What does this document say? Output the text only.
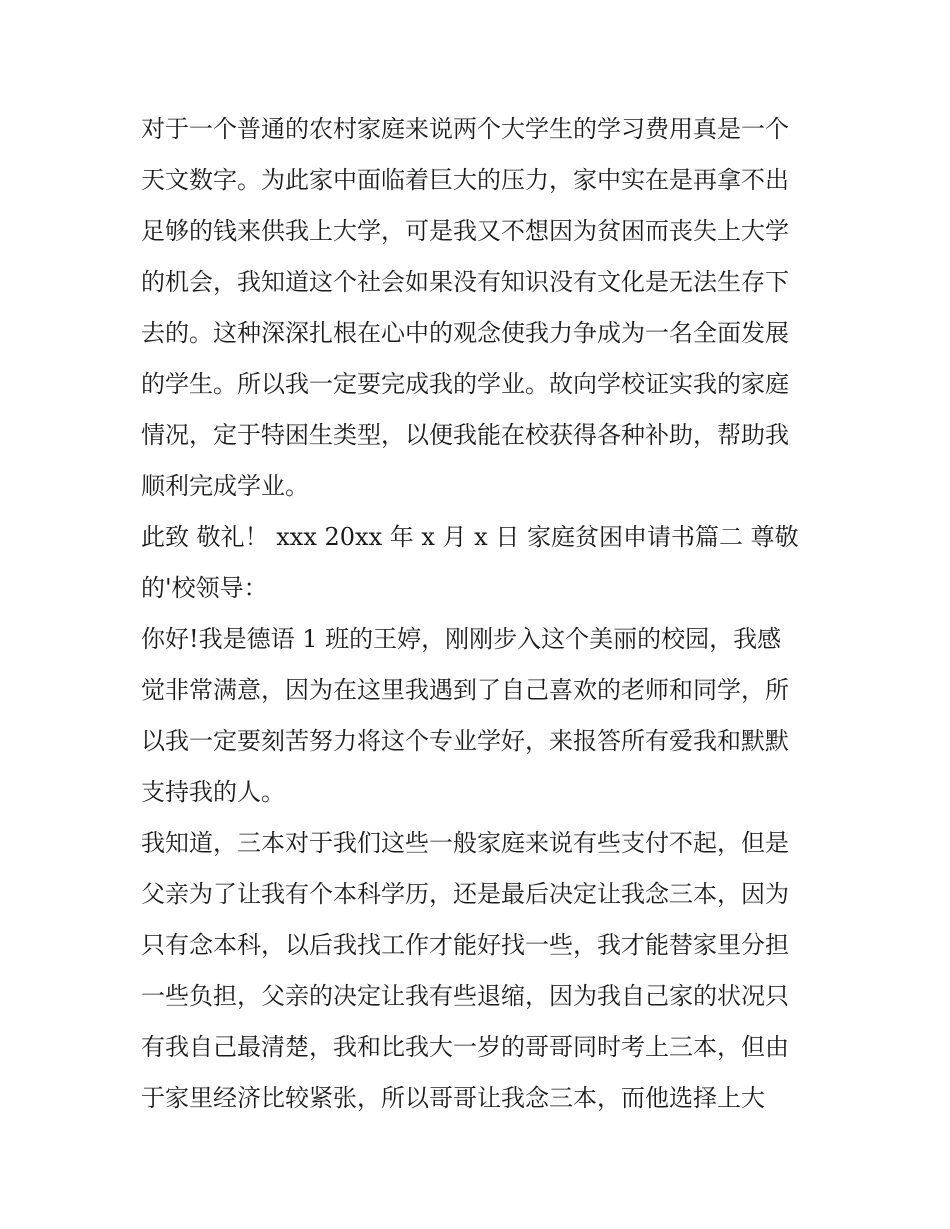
对于一个普通的农村家庭来说两个大学生的学习费用真是一个
天文数字。为此家中面临着巨大的压力，家中实在是再拿不出
足够的钱来供我上大学，可是我又不想因为贫困而丧失上大学
的机会，我知道这个社会如果没有知识没有文化是无法生存下
去的。这种深深扎根在心中的观念使我力争成为一名全面发展
的学生。所以我一定要完成我的学业。故向学校证实我的家庭
情况，定于特困生类型，以便我能在校获得各种补助，帮助我
顺利完成学业。
此致 敬礼！ xxx 20xx 年 x 月 x 日 家庭贫困申请书篇二 尊敬
的'校领导：
你好!我是德语 1 班的王婷，刚刚步入这个美丽的校园，我感
觉非常满意，因为在这里我遇到了自己喜欢的老师和同学，所
以我一定要刻苦努力将这个专业学好，来报答所有爱我和默默
支持我的人。
我知道，三本对于我们这些一般家庭来说有些支付不起，但是
父亲为了让我有个本科学历，还是最后决定让我念三本，因为
只有念本科，以后我找工作才能好找一些，我才能替家里分担
一些负担，父亲的决定让我有些退缩，因为我自己家的状况只
有我自己最清楚，我和比我大一岁的哥哥同时考上三本，但由
于家里经济比较紧张，所以哥哥让我念三本，而他选择上大
